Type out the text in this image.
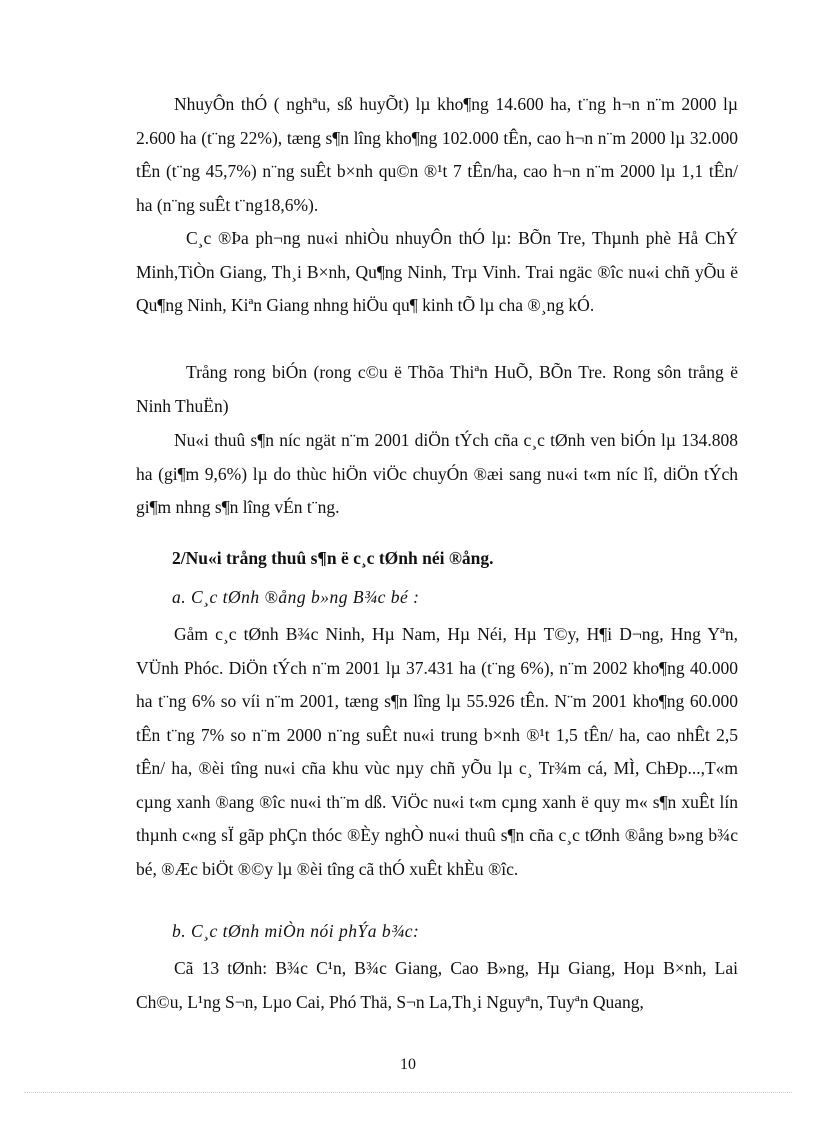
NhuyÔn thÓ ( nghªu, sß huyÕt) lµ kho¶ng 14.600 ha, t¨ng h¬n n¨m 2000 lµ 2.600 ha (t¨ng 22%), tæng s¶n lîng kho¶ng 102.000 tÊn, cao h¬n n¨m 2000 lµ 32.000 tÊn (t¨ng 45,7%) n¨ng suÊt b×nh qu©n ®¹t 7 tÊn/ha, cao h¬n n¨m 2000 lµ 1,1 tÊn/ ha (n¨ng suÊt t¨ng18,6%).

C¸c ®Þa ph¬ng nu«i nhiÒu nhuyÔn thÓ lµ: BÕn Tre, Thµnh phè Hå ChÝ Minh,TiÒn Giang, Th¸i B×nh, Qu¶ng Ninh, Trµ Vinh. Trai ngäc ®îc nu«i chñ yÕu ë Qu¶ng Ninh, Kiªn Giang nhng hiÖu qu¶ kinh tÕ lµ cha ®¸ng kÓ.

Trång rong biÓn (rong c©u ë Thõa Thiªn HuÕ, BÕn Tre. Rong sôn trång ë Ninh ThuËn)

Nu«i thuû s¶n níc ngät n¨m 2001 diÖn tÝch cña c¸c tØnh ven biÓn lµ 134.808 ha (gi¶m 9,6%) lµ do thùc hiÖn viÖc chuyÓn ®æi sang nu«i t«m níc lî, diÖn tÝch gi¶m nhng s¶n lîng vÉn t¨ng.

2/Nu«i trång thuû s¶n ë c¸c tØnh néi ®ång.

a. C¸c tØnh ®ång b»ng B¾c bé :

Gåm c¸c tØnh B¾c Ninh, Hµ Nam, Hµ Néi, Hµ T©y, H¶i D¬ng, Hng Yªn, VÜnh Phóc. DiÖn tÝch n¨m 2001 lµ 37.431 ha (t¨ng 6%), n¨m 2002 kho¶ng 40.000 ha t¨ng 6% so víi n¨m 2001, tæng s¶n lîng lµ 55.926 tÊn. N¨m 2001 kho¶ng 60.000 tÊn t¨ng 7% so n¨m 2000 n¨ng suÊt nu«i trung b×nh ®¹t 1,5 tÊn/ ha, cao nhÊt 2,5 tÊn/ ha, ®èi tîng nu«i cña khu vùc nµy chñ yÕu lµ c¸ Tr¾m cá, MÌ, ChÐp...,T«m cµng xanh ®ang ®îc nu«i th¨m dß. ViÖc nu«i t«m cµng xanh ë quy m« s¶n xuÊt lín thµnh c«ng sÏ gãp phÇn thóc ®Èy nghÒ nu«i thuû s¶n cña c¸c tØnh ®ång b»ng b¾c bé, ®Æc biÖt ®©y lµ ®èi tîng cã thÓ xuÊt khÈu ®îc.

b. C¸c tØnh miÒn nói phÝa b¾c:

Cã 13 tØnh: B¾c C¹n, B¾c Giang, Cao B»ng, Hµ Giang, Hoµ B×nh, Lai Ch©u, L¹ng S¬n, Lµo Cai, Phó Thä, S¬n La,Th¸i Nguyªn, Tuyªn Quang,

10
